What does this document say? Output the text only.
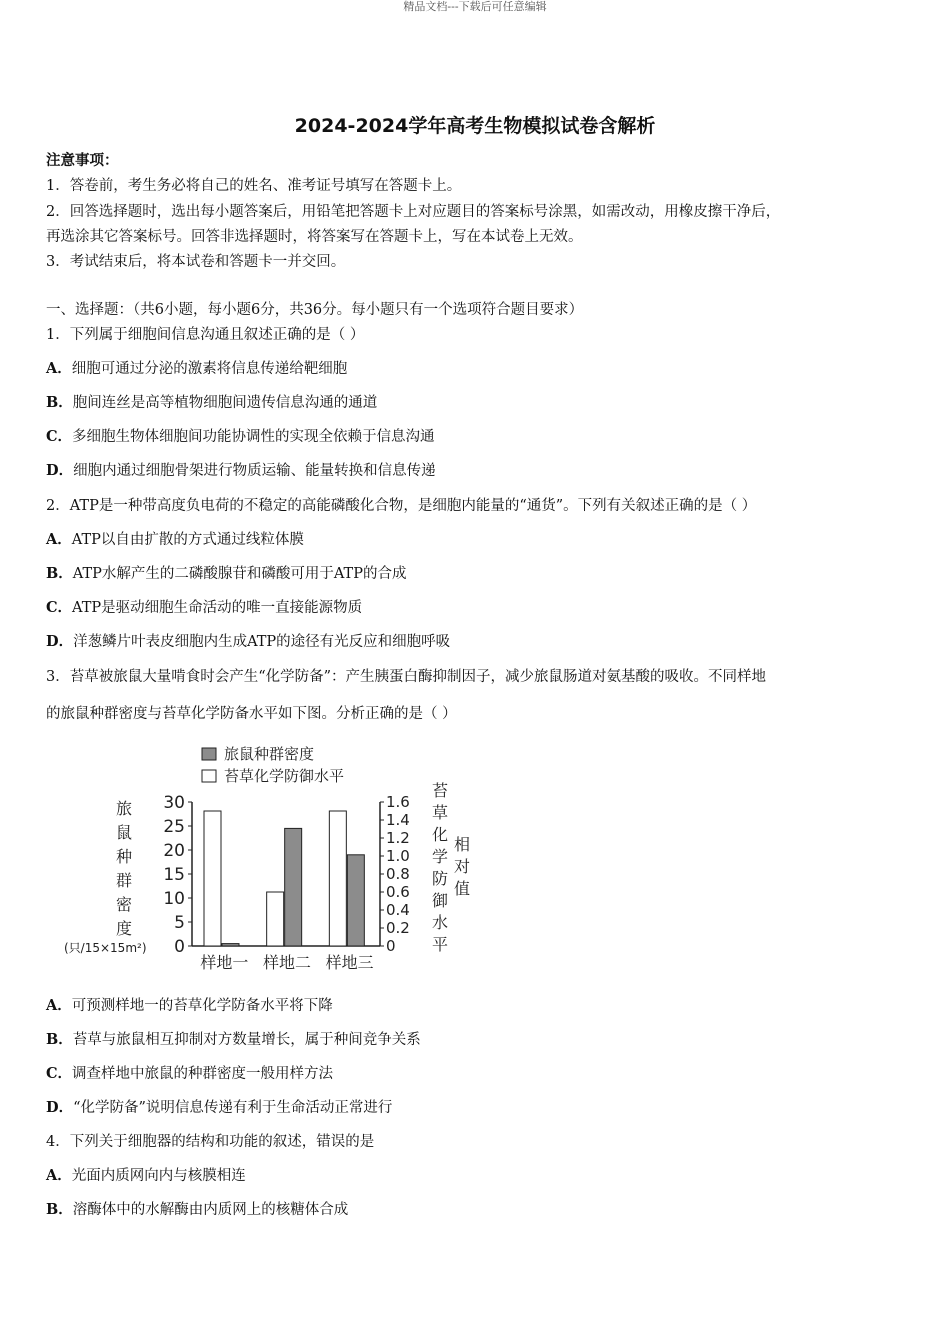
精品文档---下载后可任意编辑
2024-2024学年高考生物模拟试卷含解析
注意事项：
1．答卷前，考生务必将自己的姓名、准考证号填写在答题卡上。
2．回答选择题时，选出每小题答案后，用铅笔把答题卡上对应题目的答案标号涂黑，如需改动，用橡皮擦干净后，
再选涂其它答案标号。回答非选择题时，将答案写在答题卡上，写在本试卷上无效。
3．考试结束后，将本试卷和答题卡一并交回。
一、选择题：（共6小题，每小题6分，共36分。每小题只有一个选项符合题目要求）
1．下列属于细胞间信息沟通且叙述正确的是（ ）
A．细胞可通过分泌的激素将信息传递给靶细胞
B．胞间连丝是高等植物细胞间遗传信息沟通的通道
C．多细胞生物体细胞间功能协调性的实现全依赖于信息沟通
D．细胞内通过细胞骨架进行物质运输、能量转换和信息传递
2．ATP是一种带高度负电荷的不稳定的高能磷酸化合物，是细胞内能量的“通货”。下列有关叙述正确的是（ ）
A．ATP以自由扩散的方式通过线粒体膜
B．ATP水解产生的二磷酸腺苷和磷酸可用于ATP的合成
C．ATP是驱动细胞生命活动的唯一直接能源物质
D．洋葱鳞片叶表皮细胞内生成ATP的途径有光反应和细胞呼吸
3．苔草被旅鼠大量啃食时会产生“化学防备”：产生胰蛋白酶抑制因子，减少旅鼠肠道对氨基酸的吸收。不同样地
的旅鼠种群密度与苔草化学防备水平如下图。分析正确的是（ ）
A．可预测样地一的苔草化学防备水平将下降
B．苔草与旅鼠相互抑制对方数量增长，属于种间竞争关系
C．调查样地中旅鼠的种群密度一般用样方法
D．“化学防备”说明信息传递有利于生命活动正常进行
4．下列关于细胞器的结构和功能的叙述，错误的是
A．光面内质网向内与核膜相连
B．溶酶体中的水解酶由内质网上的核糖体合成
旅鼠种群密度
苔草化学防御水平
旅
鼠
种
群
密
度
(只/15×15m²)
苔
草
化
学
防
御
水
平
相
对
值
0
5
10
15
20
25
30
0
0.2
0.4
0.6
0.8
1.0
1.2
1.4
1.6
样地一 样地二 样地三
